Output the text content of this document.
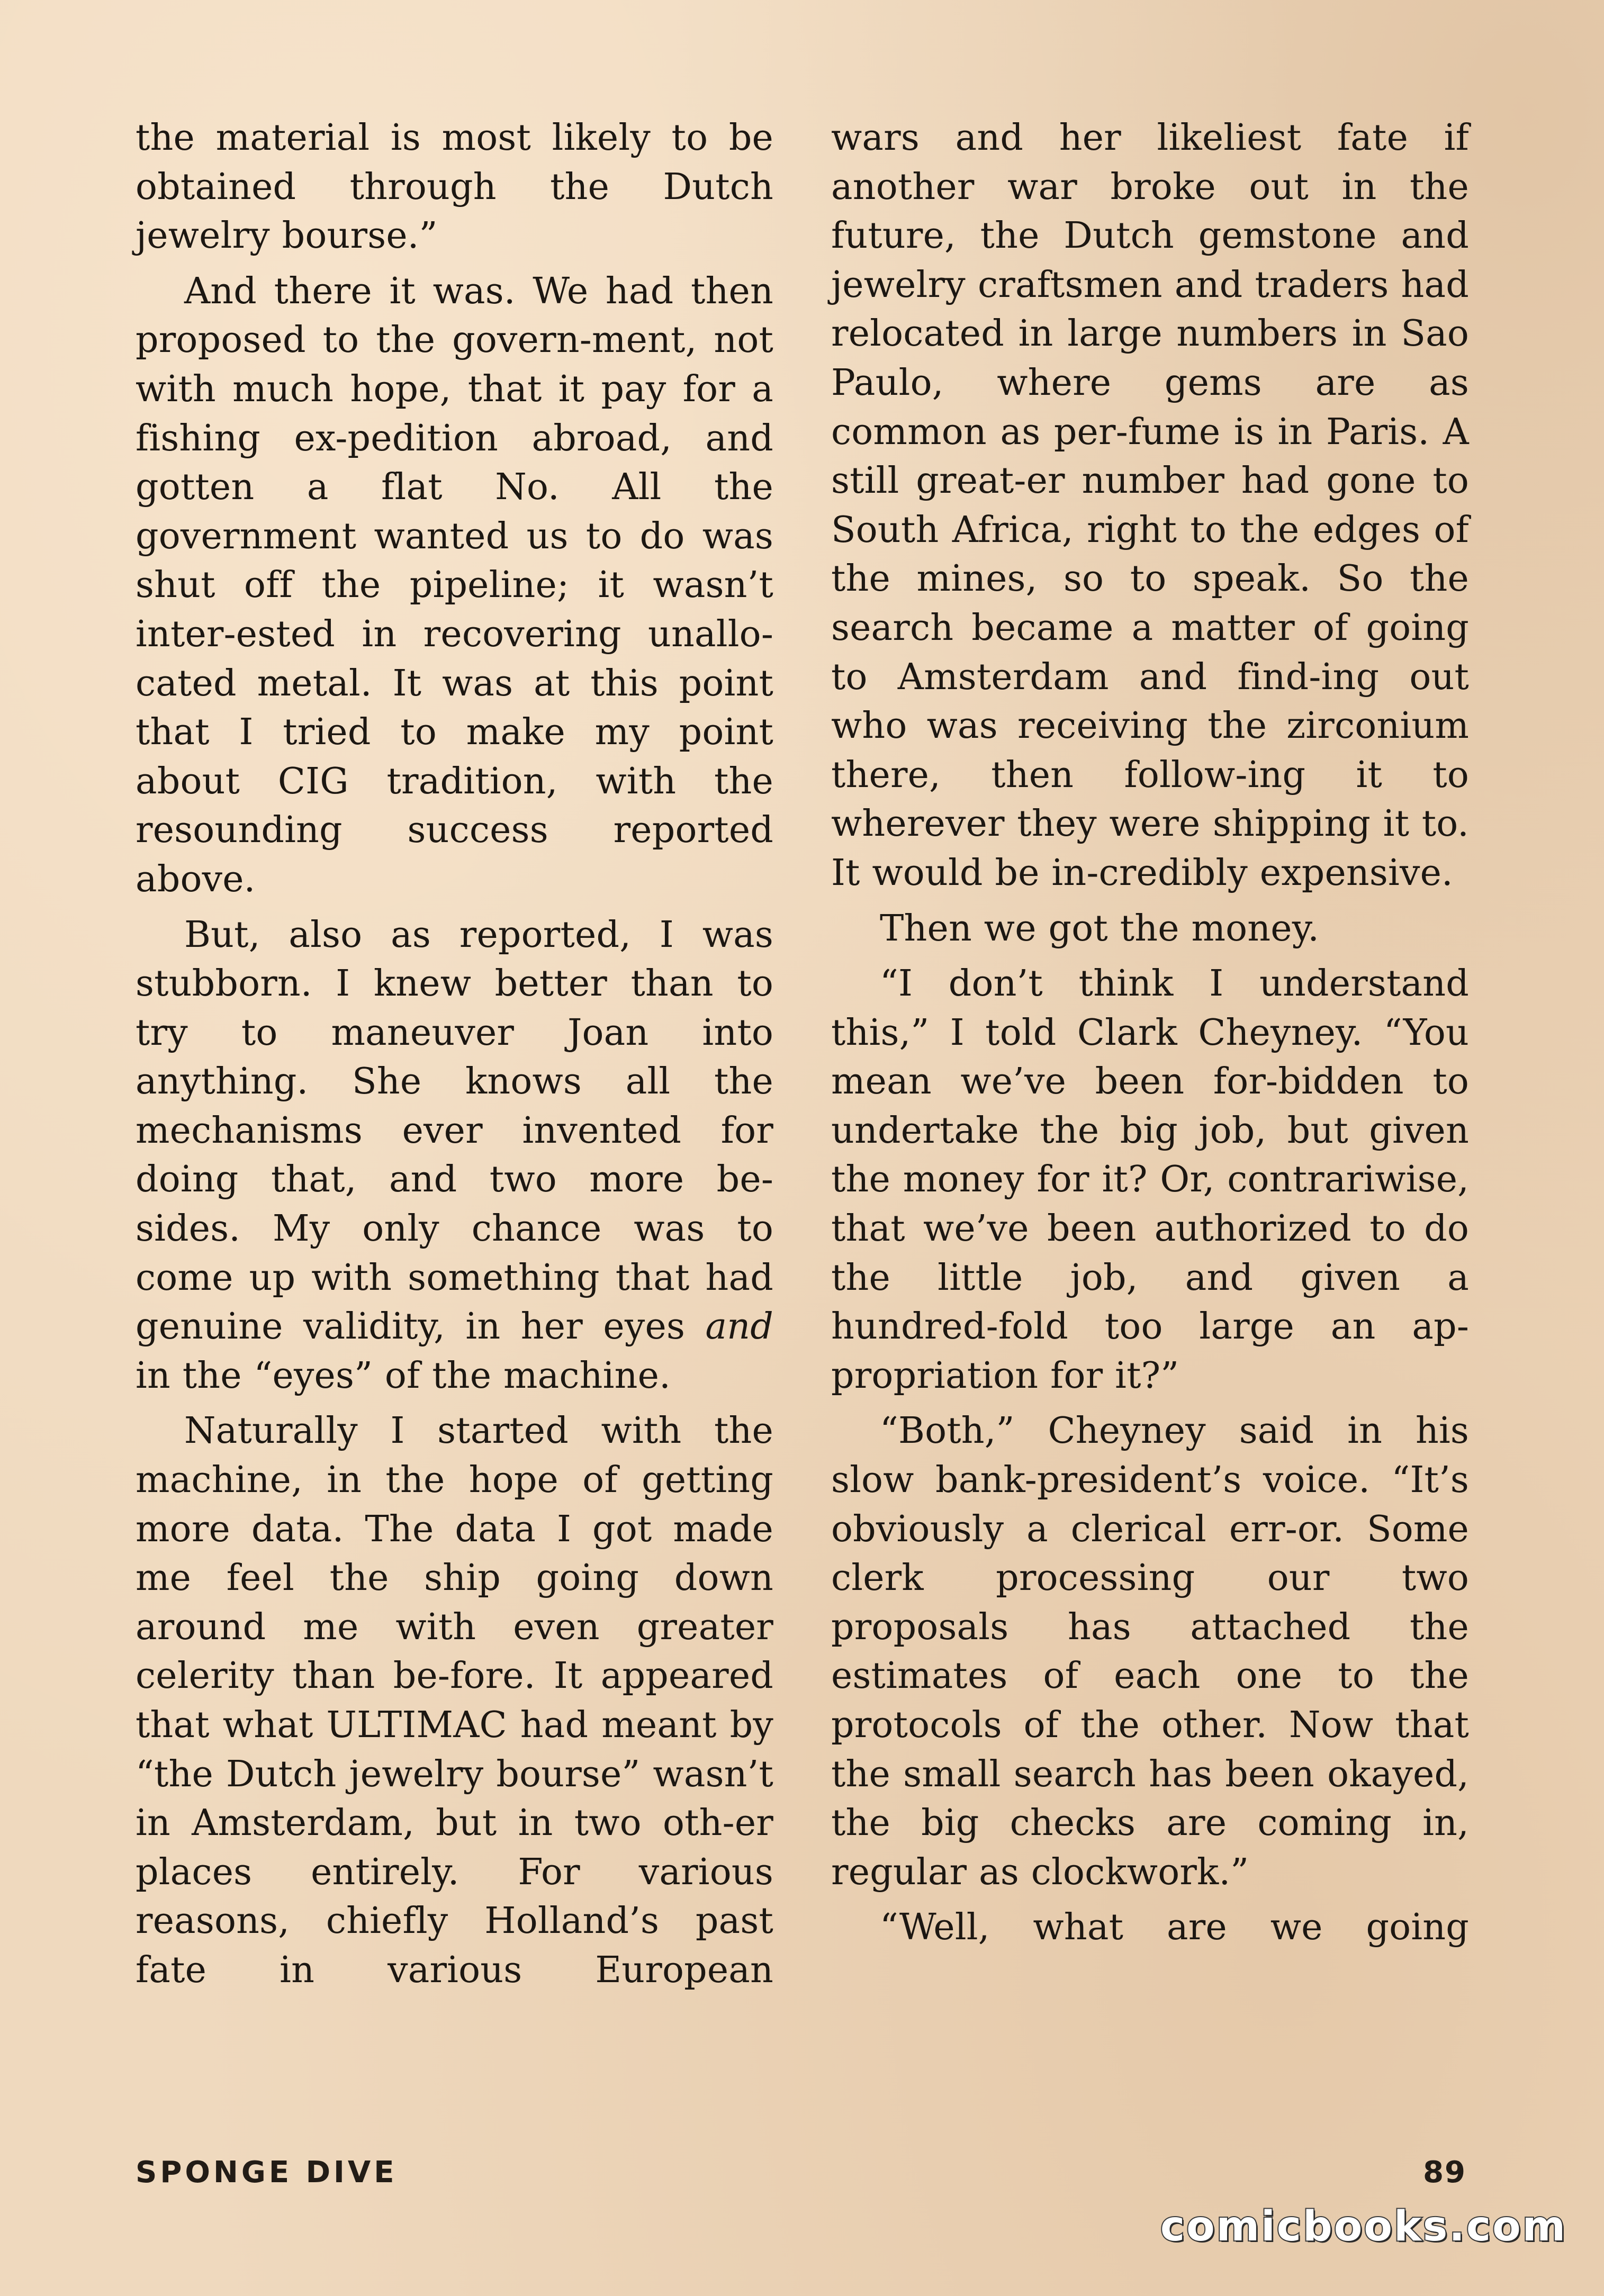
the material is most likely to be obtained through the Dutch jewelry bourse.”

And there it was. We had then proposed to the govern-ment, not with much hope, that it pay for a fishing ex-pedition abroad, and gotten a flat No. All the government wanted us to do was shut off the pipeline; it wasn’t inter-ested in recovering unallo-cated metal. It was at this point that I tried to make my point about CIG tradition, with the resounding success reported above.

But, also as reported, I was stubborn. I knew better than to try to maneuver Joan into anything. She knows all the mechanisms ever invented for doing that, and two more be-sides. My only chance was to come up with something that had genuine validity, in her eyes and in the “eyes” of the machine.

Naturally I started with the machine, in the hope of getting more data. The data I got made me feel the ship going down around me with even greater celerity than be-fore. It appeared that what ULTIMAC had meant by “the Dutch jewelry bourse” wasn’t in Amsterdam, but in two oth-er places entirely. For various reasons, chiefly Holland’s past fate in various European

wars and her likeliest fate if another war broke out in the future, the Dutch gemstone and jewelry craftsmen and traders had relocated in large numbers in Sao Paulo, where gems are as common as per-fume is in Paris. A still great-er number had gone to South Africa, right to the edges of the mines, so to speak. So the search became a matter of going to Amsterdam and find-ing out who was receiving the zirconium there, then follow-ing it to wherever they were shipping it to. It would be in-credibly expensive.

Then we got the money.

“I don’t think I understand this,” I told Clark Cheyney. “You mean we’ve been for-bidden to undertake the big job, but given the money for it? Or, contrariwise, that we’ve been authorized to do the little job, and given a hundred-fold too large an ap-propriation for it?”

“Both,” Cheyney said in his slow bank-president’s voice. “It’s obviously a clerical err-or. Some clerk processing our two proposals has attached the estimates of each one to the protocols of the other. Now that the small search has been okayed, the big checks are coming in, regular as clockwork.”

“Well, what are we going

SPONGE DIVE	89
comicbooks.com
